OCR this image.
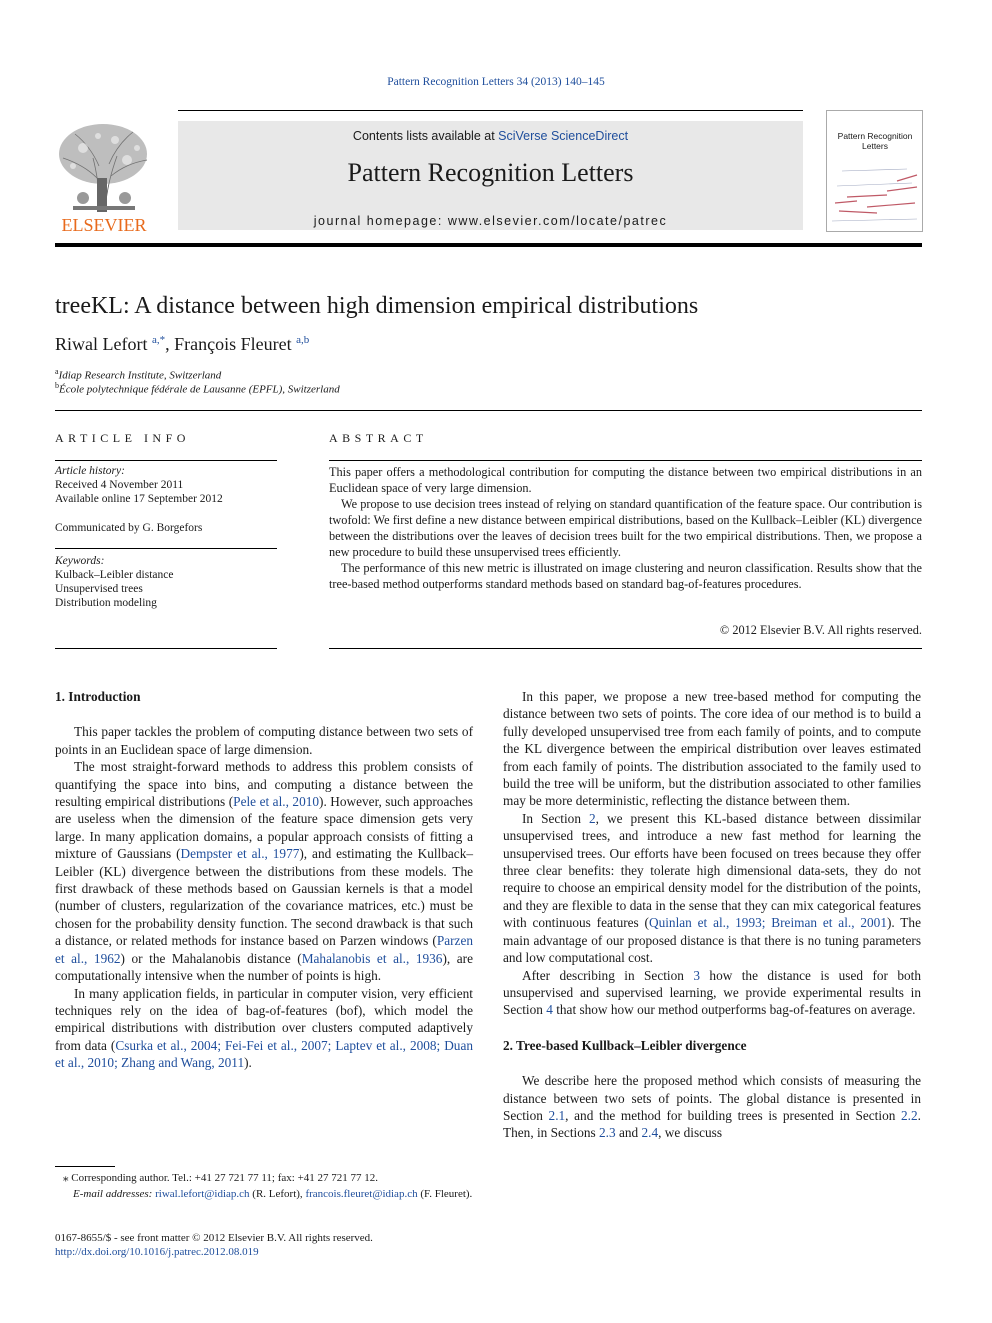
Pattern Recognition Letters 34 (2013) 140–145
ELSEVIER
Contents lists available at SciVerse ScienceDirect
Pattern Recognition Letters
journal homepage: www.elsevier.com/locate/patrec
Pattern Recognition Letters
treeKL: A distance between high dimension empirical distributions
Riwal Lefort $^{a,*}$, François Fleuret $^{a,b}$
$^a$Idiap Research Institute, Switzerland
$^b$École polytechnique fédérale de Lausanne (EPFL), Switzerland
ARTICLE INFO
Article history:
Received 4 November 2011
Available online 17 September 2012
Communicated by G. Borgefors
Keywords:
Kulback–Leibler distance
Unsupervised trees
Distribution modeling
ABSTRACT

This paper offers a methodological contribution for computing the distance between two empirical distributions in an Euclidean space of very large dimension.

We propose to use decision trees instead of relying on standard quantification of the feature space. Our contribution is twofold: We first define a new distance between empirical distributions, based on the Kullback–Leibler (KL) divergence between the distributions over the leaves of decision trees built for the two empirical distributions. Then, we propose a new procedure to build these unsupervised trees efficiently.

The performance of this new metric is illustrated on image clustering and neuron classification. Results show that the tree-based method outperforms standard methods based on standard bag-of-features procedures.

© 2012 Elsevier B.V. All rights reserved.
1. Introduction

This paper tackles the problem of computing distance between two sets of points in an Euclidean space of large dimension.

The most straight-forward methods to address this problem consists of quantifying the space into bins, and computing a distance between the resulting empirical distributions (Pele et al., 2010). However, such approaches are useless when the dimension of the feature space dimension gets very large. In many application domains, a popular approach consists of fitting a mixture of Gaussians (Dempster et al., 1977), and estimating the Kullback–Leibler (KL) divergence between the distributions from these models. The first drawback of these methods based on Gaussian kernels is that a model (number of clusters, regularization of the covariance matrices, etc.) must be chosen for the probability density function. The second drawback is that such a distance, or related methods for instance based on Parzen windows (Parzen et al., 1962) or the Mahalanobis distance (Mahalanobis et al., 1936), are computationally intensive when the number of points is high.

In many application fields, in particular in computer vision, very efficient techniques rely on the idea of bag-of-features (bof), which model the empirical distributions with distribution over clusters computed adaptively from data (Csurka et al., 2004; Fei-Fei et al., 2007; Laptev et al., 2008; Duan et al., 2010; Zhang and Wang, 2011).

In this paper, we propose a new tree-based method for computing the distance between two sets of points. The core idea of our method is to build a fully developed unsupervised tree from each family of points, and to compute the KL divergence between the empirical distribution over leaves estimated from each family of points. The distribution associated to the family used to build the tree will be uniform, but the distribution associated to other families may be more deterministic, reflecting the distance between them.

In Section 2, we present this KL-based distance between dissimilar unsupervised trees, and introduce a new fast method for learning the unsupervised trees. Our efforts have been focused on trees because they offer three clear benefits: they tolerate high dimensional data-sets, they do not require to choose an empirical density model for the distribution of the points, and they are flexible to data in the sense that they can mix categorical features with continuous features (Quinlan et al., 1993; Breiman et al., 2001). The main advantage of our proposed distance is that there is no tuning parameters and low computational cost.

After describing in Section 3 how the distance is used for both unsupervised and supervised learning, we provide experimental results in Section 4 that show how our method outperforms bag-of-features on average.

2. Tree-based Kullback–Leibler divergence

We describe here the proposed method which consists of measuring the distance between two sets of points. The global distance is presented in Section 2.1, and the method for building trees is presented in Section 2.2. Then, in Sections 2.3 and 2.4, we discuss

⁎ Corresponding author. Tel.: +41 27 721 77 11; fax: +41 27 721 77 12.
E-mail addresses: riwal.lefort@idiap.ch (R. Lefort), francois.fleuret@idiap.ch (F. Fleuret).
0167-8655/$ - see front matter © 2012 Elsevier B.V. All rights reserved.
http://dx.doi.org/10.1016/j.patrec.2012.08.019
